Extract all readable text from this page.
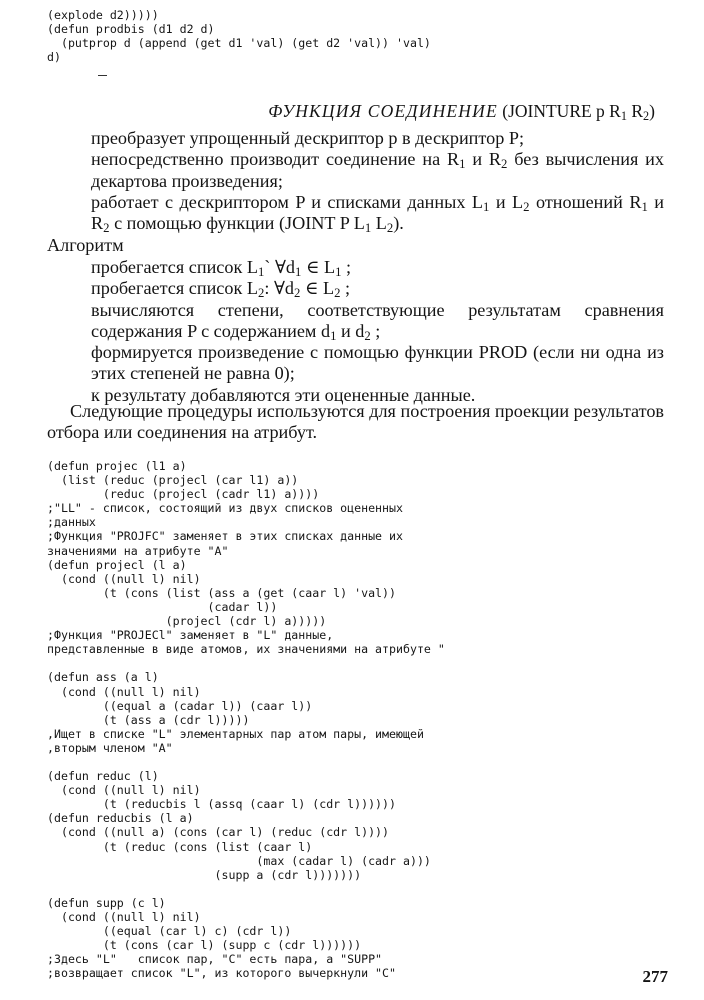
(explode d2)))))
(defun prodbis (d1 d2 d)
(putprop d (append (get d1 'val) (get d2 'val)) 'val)
d)
ФУНКЦИЯ СОЕДИНЕНИЕ (JOINTURE p $R_1$ $R_2$)
преобразует упрощенный дескриптор p в дескриптор P;
непосредственно производит соединение на $R_1$ и $R_2$ без вычисления их декартова произведения;
работает с дескриптором P и списками данных $L_1$ и $L_2$ отношений $R_1$ и $R_2$ с помощью функции (JOINT P $L_1$ $L_2$).
Алгоритм
пробегается список $L_1`$ $\forall d_1$ ∈ $L_1$ ;
пробегается список $L_2$: $\forall d_2$ ∈ $L_2$ ;
вычисляются степени, соответствующие результатам сравнения содержания P с содержанием $d_1$ и $d_2$ ;
формируется произведение с помощью функции PROD (если ни одна из этих степеней не равна 0);
к результату добавляются эти оцененные данные.
Следующие процедуры используются для построения проекции результатов отбора или соединения на атрибут.
(defun projec (l1 a)
(list (reduc (projecl (car l1) a))
(reduc (projecl (cadr l1) a))))
;"LL" - список, состоящий из двух списков оцененных
;данных
;Функция "PROJFC" заменяет в этих списках данные их
значениями на атрибуте "A"
(defun projecl (l a)
(cond ((null l) nil)
(t (cons (list (ass a (get (caar l) 'val))
(cadar l))
(projecl (cdr l) a)))))
;Функция "PROJECl" заменяет в "L" данные,
представленные в виде атомов, их значениями на атрибуте "

(defun ass (a l)
(cond ((null l) nil)
((equal a (cadar l)) (caar l))
(t (ass a (cdr l)))))
,Ищет в списке "L" элементарных пар атом пары, имеющей
,вторым членом "A"

(defun reduc (l)
(cond ((null l) nil)
(t (reducbis l (assq (caar l) (cdr l))))))
(defun reducbis (l a)
(cond ((null a) (cons (car l) (reduc (cdr l))))
(t (reduc (cons (list (caar l)
(max (cadar l) (cadr a)))
(supp a (cdr l)))))))

(defun supp (c l)
(cond ((null l) nil)
((equal (car l) c) (cdr l))
(t (cons (car l) (supp c (cdr l))))))
;Здесь "L"   список пар, "C" есть пара, а "SUPP"
;возвращает список "L", из которого вычеркнули "C"	277
